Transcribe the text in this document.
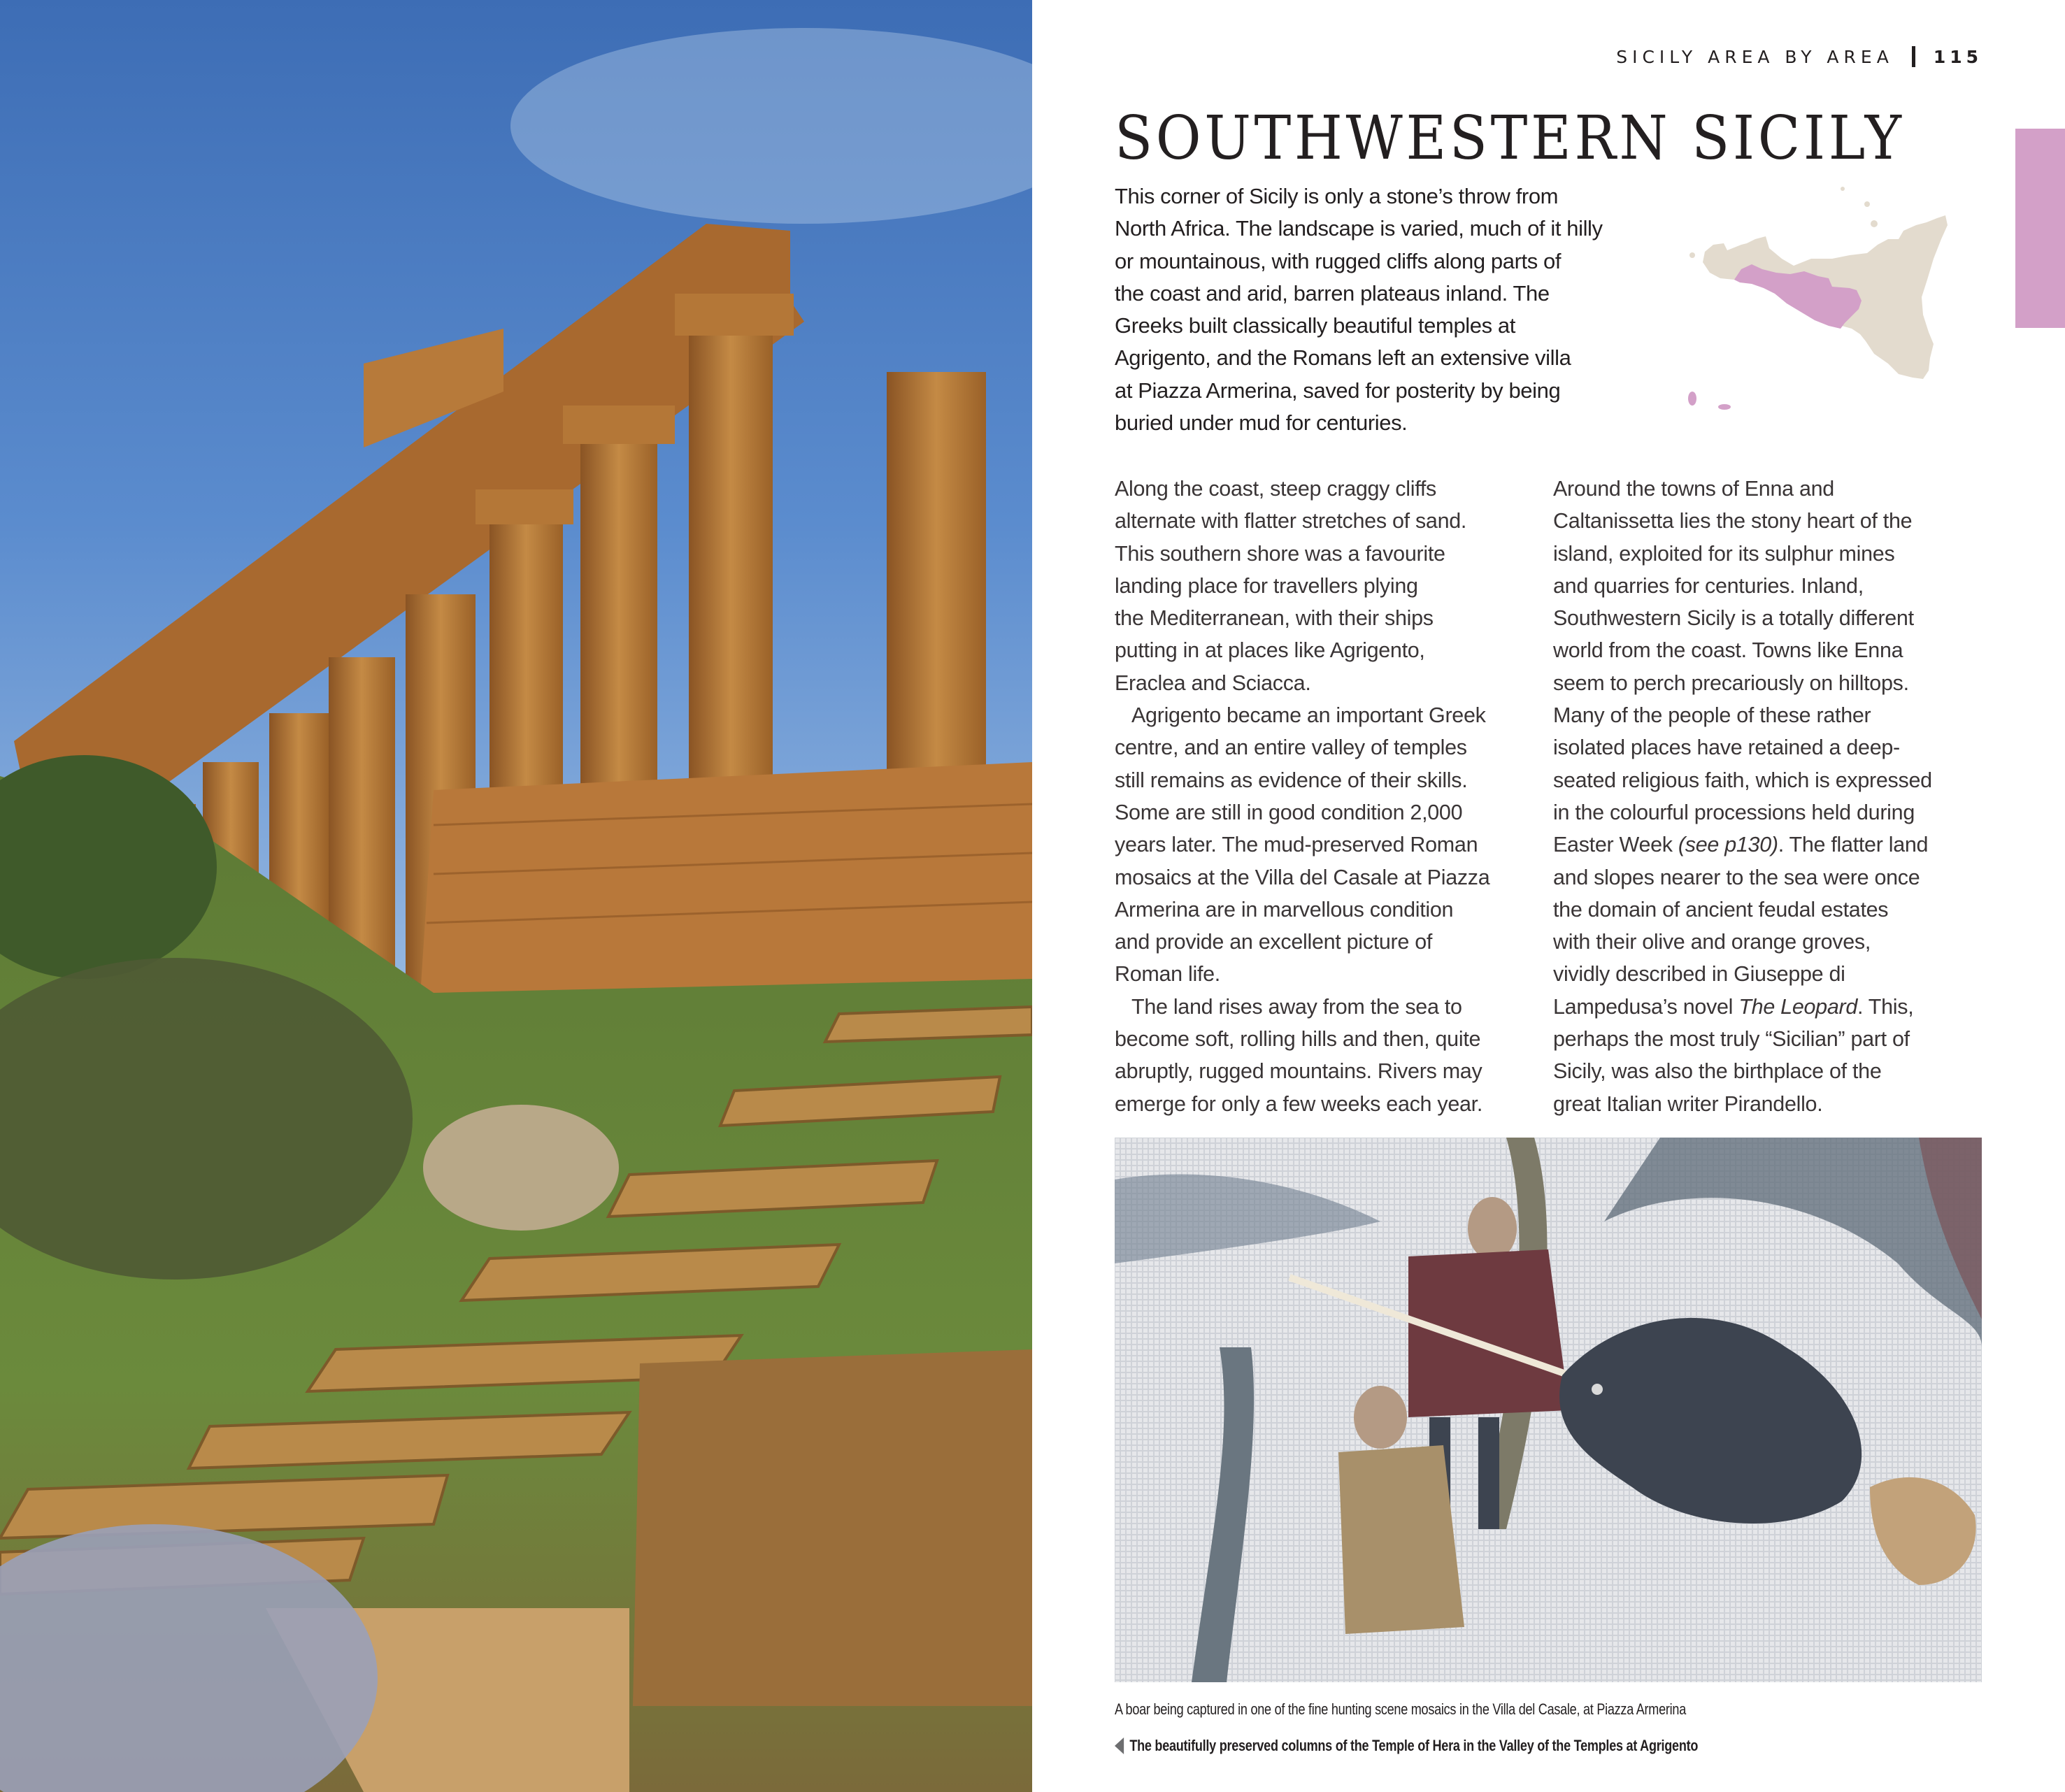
SICILY AREA BY AREA 115
SOUTHWESTERN SICILY

This corner of Sicily is only a stone’s throw from
North Africa. The landscape is varied, much of it hilly
or mountainous, with rugged cliffs along parts of
the coast and arid, barren plateaus inland. The
Greeks built classically beautiful temples at
Agrigento, and the Romans left an extensive villa
at Piazza Armerina, saved for posterity by being
buried under mud for centuries.

Along the coast, steep craggy cliffs
alternate with flatter stretches of sand.
This southern shore was a favourite
landing place for travellers plying
the Mediterranean, with their ships
putting in at places like Agrigento,
Eraclea and Sciacca.
Agrigento became an important Greek
centre, and an entire valley of temples
still remains as evidence of their skills.
Some are still in good condition 2,000
years later. The mud-preserved Roman
mosaics at the Villa del Casale at Piazza
Armerina are in marvellous condition
and provide an excellent picture of
Roman life.
The land rises away from the sea to
become soft, rolling hills and then, quite
abruptly, rugged mountains. Rivers may
emerge for only a few weeks each year.

Around the towns of Enna and
Caltanissetta lies the stony heart of the
island, exploited for its sulphur mines
and quarries for centuries. Inland,
Southwestern Sicily is a totally different
world from the coast. Towns like Enna
seem to perch precariously on hilltops.
Many of the people of these rather
isolated places have retained a deep-
seated religious faith, which is expressed
in the colourful processions held during
Easter Week (see p130). The flatter land
and slopes nearer to the sea were once
the domain of ancient feudal estates
with their olive and orange groves,
vividly described in Giuseppe di
Lampedusa’s novel The Leopard. This,
perhaps the most truly “Sicilian” part of
Sicily, was also the birthplace of the
great Italian writer Pirandello.

A boar being captured in one of the fine hunting scene mosaics in the Villa del Casale, at Piazza Armerina

The beautifully preserved columns of the Temple of Hera in the Valley of the Temples at Agrigento
